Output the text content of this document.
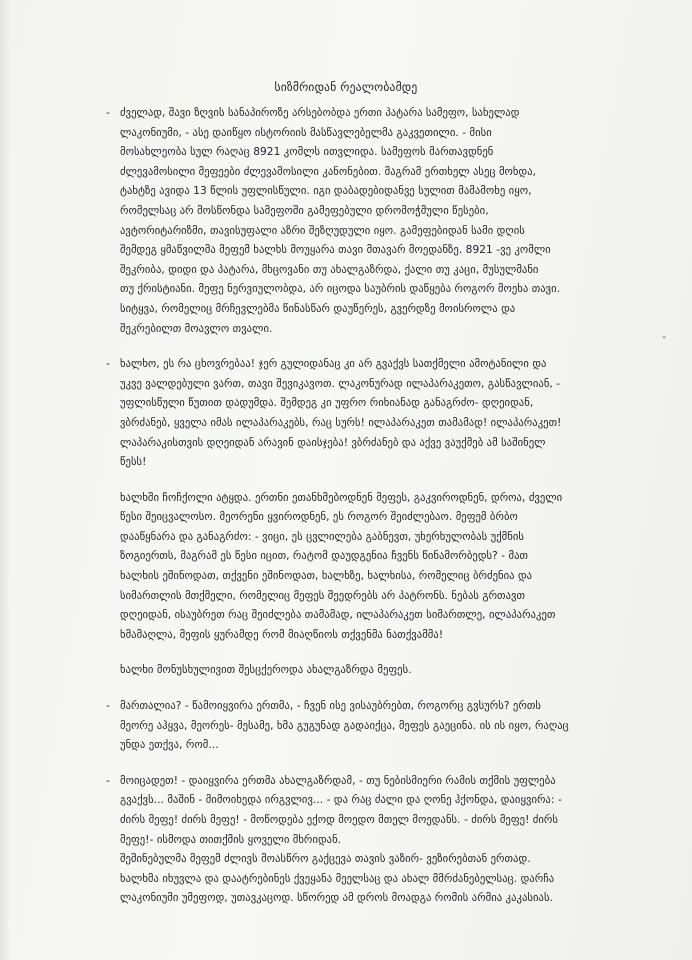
სიზმრიდან რეალობამდე
-
- ძველად, შავი ზღვის სანაპიროზე არსებობდა ერთი პატარა სამეფო, სახელად
ლაკონიუმი, - ასე დაიწყო ისტორიის მასწავლებელმა გაკვეთილი. - მისი
მოსახლეობა სულ რაღაც 8921 კომლს ითვლიდა. სამეფოს მართავდნენ
ძლევამოსილი მეფეები ძლევამოსილი კანონებით. მაგრამ ერთხელ ასეც მოხდა,
ტახტზე ავიდა 13 წლის უფლისწული. იგი დაბადებიდანვე სულით მამამოხე იყო,
რომელსაც არ მოსწონდა სამეფოში გამეფებული დრომოჭმული წესები,
ავტორიტარიზმი, თავისუფალი აზრი შეზღუდული იყო. გამეფებიდან სამი დღის
შემდეგ ყმაწვილმა მეფემ ხალხს მოუყარა თავი მთავარ მოედანზე. 8921 -ვე კომლი
შეკრიბა, დიდი და პატარა, მხცოვანი თუ ახალგაზრდა, ქალი თუ კაცი, მუსულმანი
თუ ქრისტიანი. მეფე ნერვიულობდა, არ იცოდა საუბრის დაწყება როგორ მოეხა თავი.
სიტყვა, რომელიც მრჩევლებმა წინასწარ დაუწერეს, გვერდზე მოისროლა და
შეკრებილთ მოავლო თვალი.
- ხალხო, ეს რა ცხოვრებაა! ჯერ გულიდანაც კი არ გვაქვს სათქმელი ამოტანილი და
უკვე ვალდებული ვართ, თავი შევიკავოთ. ლაკონურად ილაპარაკეთო, გასწავლიან, -
უფლისწული წუთით დადუმდა. შემდეგ კი უფრო რიხიანად განაგრძო- დღეიდან,
ვბრძანებ, ყველა იმას ილაპარაკებს, რაც სურს! ილაპარაკეთ თამამად! ილაპარაკეთ!
ლაპარაკისთვის დღეიდან არავინ დაისჯება! ვბრძანებ და აქვე ვაუქმებ ამ საშინელ
წესს!
ხალხში ჩოჩქოლი ატყდა. ერთნი ეთანხმებოდნენ მეფეს, გაკვიროდნენ, დროა, ძველი
წესი შეიცვალოსო. მეორენი ყვიროდნენ, ეს როგორ შეიძლებაო. მეფემ ბრბო
დააწყნარა და განაგრძო: - ვიცი, ეს ცვლილება გაბნევთ, უხერხულობას უქმნის
ზოგიერთს, მაგრამ ეს წესი იცით, რატომ დაუდგენია ჩვენს წინამორბედს? - მათ
ხალხის ეშინოდათ, თქვენი ეშინოდათ, ხალხზე, ხალხისა, რომელიც ბრძენია და
სიმართლის მთქმელი, რომელიც მეფეს შეედრებს არ პატრონს. ნებას გრთავთ
დღეიდან, ისაუბრეთ რაც შეიძლება თამამად, ილაპარაკეთ სიმართლე, ილაპარაკეთ
ხმამაღლა, მეფის ყურამდე რომ მიაღწიოს თქვენმა ნათქვამმა!
ხალხი მონუსხულივით შესცქეროდა ახალგაზრდა მეფეს.
- მართალია? - წამოიყვირა ერთმა, - ჩვენ ისე ვისაუბრებთ, როგორც გვსურს? ერთს
მეორე აჰყვა, მეორეს- მესამე, ხმა გუგუნად გადაიქცა, მეფეს გაეცინა. ის ის იყო, რაღაც
უნდა ეთქვა, რომ...
- მოიცადეთ! - დაიყვირა ერთმა ახალგაზრდამ, - თუ ნებისმიერი რამის თქმის უფლება
გვაქვს... მაშინ - მიმოიხედა ირგვლივ... - და რაც ძალი და ღონე ჰქონდა, დაიყვირა: -
ძირს მეფე! ძირს მეფე! - მოწოდება ექოდ მოედო მთელ მოედანს. - ძირს მეფე! ძირს
მეფე!- ისმოდა თითქმის ყოველი მხრიდან.
შეშინებულმა მეფემ ძლივს მოასწრო გაქცევა თავის ვაზირ- ვეზირებთან ერთად.
ხალხმა იხუვლა და დაატრებინეს ქვეყანა მეელსაც და ახალ მმრძანებელსაც. დარჩა
ლაკონიუმი უმეფოდ, უთავკაცოდ. სწორედ ამ დროს მოადგა რომის არმია კაკასიას.
